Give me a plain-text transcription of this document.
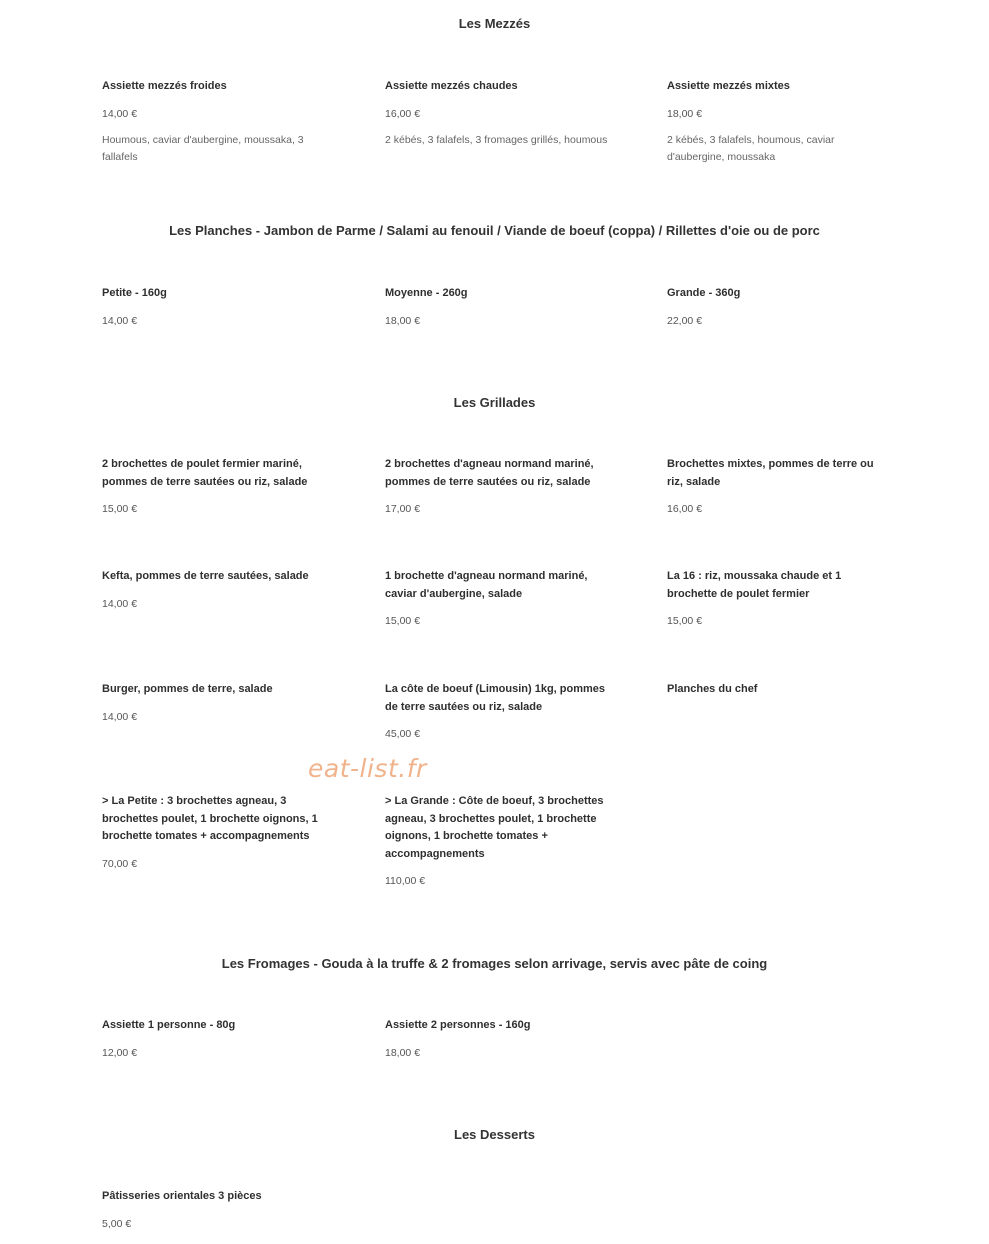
Les Mezzés
Assiette mezzés froides
14,00 €
Houmous, caviar d'aubergine, moussaka, 3 fallafels
Assiette mezzés chaudes
16,00 €
2 kébés, 3 falafels, 3 fromages grillés, houmous
Assiette mezzés mixtes
18,00 €
2 kébés, 3 falafels, houmous, caviar d'aubergine, moussaka
Les Planches - Jambon de Parme / Salami au fenouil / Viande de boeuf (coppa) / Rillettes d'oie ou de porc
Petite - 160g
14,00 €
Moyenne - 260g
18,00 €
Grande - 360g
22,00 €
Les Grillades
2 brochettes de poulet fermier mariné, pommes de terre sautées ou riz, salade
15,00 €
2 brochettes d'agneau normand mariné, pommes de terre sautées ou riz, salade
17,00 €
Brochettes mixtes, pommes de terre ou riz, salade
16,00 €
Kefta, pommes de terre sautées, salade
14,00 €
1 brochette d'agneau normand mariné, caviar d'aubergine, salade
15,00 €
La 16 : riz, moussaka chaude et 1 brochette de poulet fermier
15,00 €
Burger, pommes de terre, salade
14,00 €
La côte de boeuf (Limousin) 1kg, pommes de terre sautées ou riz, salade
45,00 €
Planches du chef
> La Petite : 3 brochettes agneau, 3 brochettes poulet, 1 brochette oignons, 1 brochette tomates + accompagnements
70,00 €
> La Grande : Côte de boeuf, 3 brochettes agneau, 3 brochettes poulet, 1 brochette oignons, 1 brochette tomates + accompagnements
110,00 €
Les Fromages - Gouda à la truffe & 2 fromages selon arrivage, servis avec pâte de coing
Assiette 1 personne - 80g
12,00 €
Assiette 2 personnes - 160g
18,00 €
Les Desserts
Pâtisseries orientales 3 pièces
5,00 €
eat-list.fr
